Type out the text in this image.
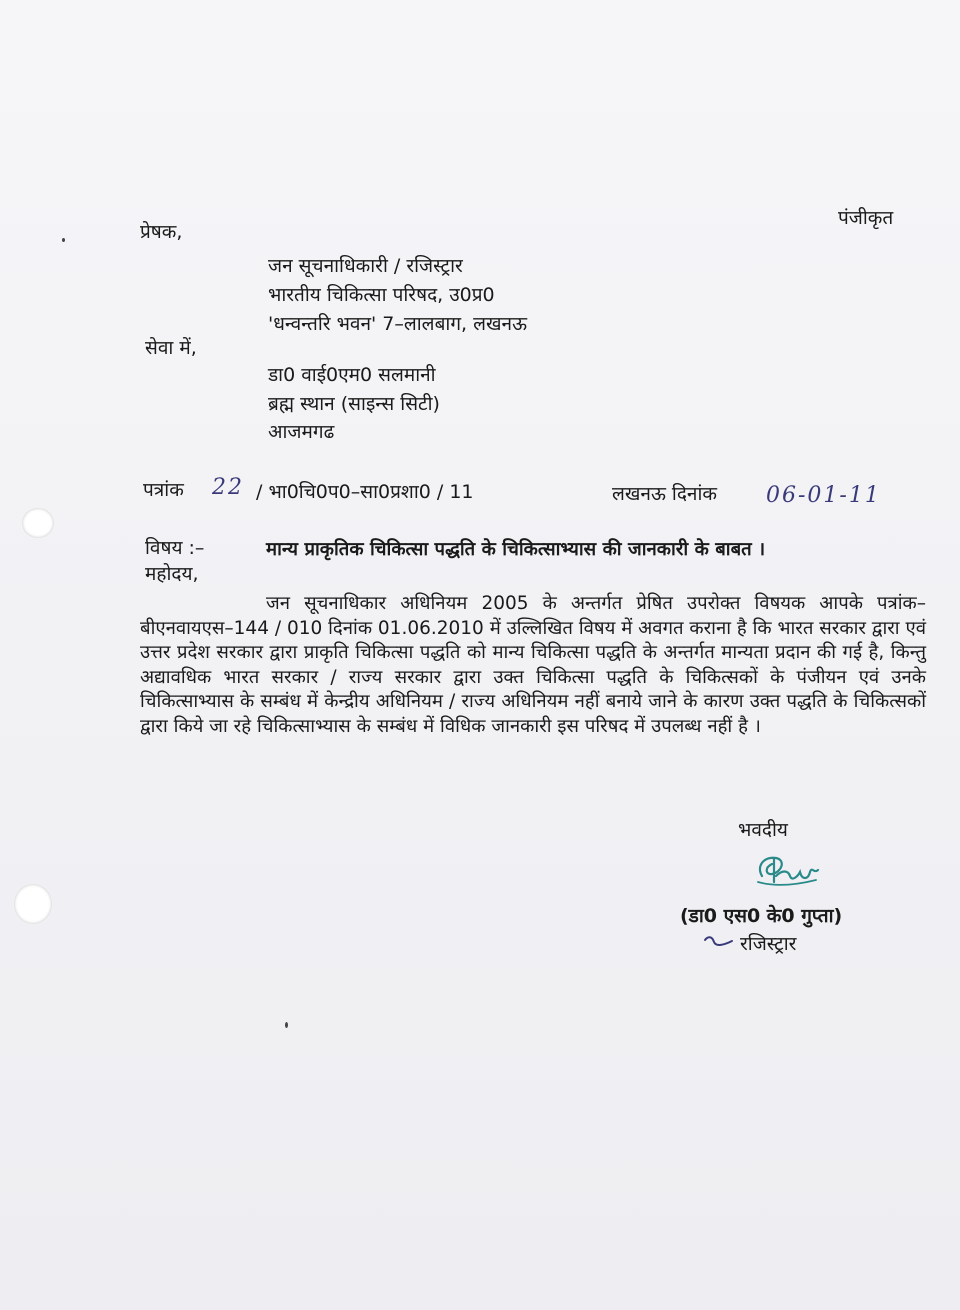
पंजीकृत
प्रेषक,
जन सूचनाधिकारी / रजिस्ट्रार
भारतीय चिकित्सा परिषद, उ0प्र0
'धन्वन्तरि भवन' 7–लालबाग, लखनऊ
सेवा में,
डा0 वाई0एम0 सलमानी
ब्रह्म स्थान (साइन्स सिटी)
आजमगढ
पत्रांक 22 / भा0चि0प0–सा0प्रशा0 / 11	लखनऊ दिनांक 06-01-11
विषय :–	मान्य प्राकृतिक चिकित्सा पद्धति के चिकित्साभ्यास की जानकारी के बाबत ।
महोदय,
जन सूचनाधिकार अधिनियम 2005 के अन्तर्गत प्रेषित उपरोक्त विषयक आपके पत्रांक–बीएनवायएस–144 / 010 दिनांक 01.06.2010 में उल्लिखित विषय में अवगत कराना है कि भारत सरकार द्वारा एवं उत्तर प्रदेश सरकार द्वारा प्राकृति चिकित्सा पद्धति को मान्य चिकित्सा पद्धति के अन्तर्गत मान्यता प्रदान की गई है, किन्तु अद्यावधिक भारत सरकार / राज्य सरकार द्वारा उक्त चिकित्सा पद्धति के चिकित्सकों के पंजीयन एवं उनके चिकित्साभ्यास के सम्बंध में केन्द्रीय अधिनियम / राज्य अधिनियम नहीं बनाये जाने के कारण उक्त पद्धति के चिकित्सकों द्वारा किये जा रहे चिकित्साभ्यास के सम्बंध में विधिक जानकारी इस परिषद में उपलब्ध नहीं है ।
भवदीय
(डा0 एस0 के0 गुप्ता)
रजिस्ट्रार
